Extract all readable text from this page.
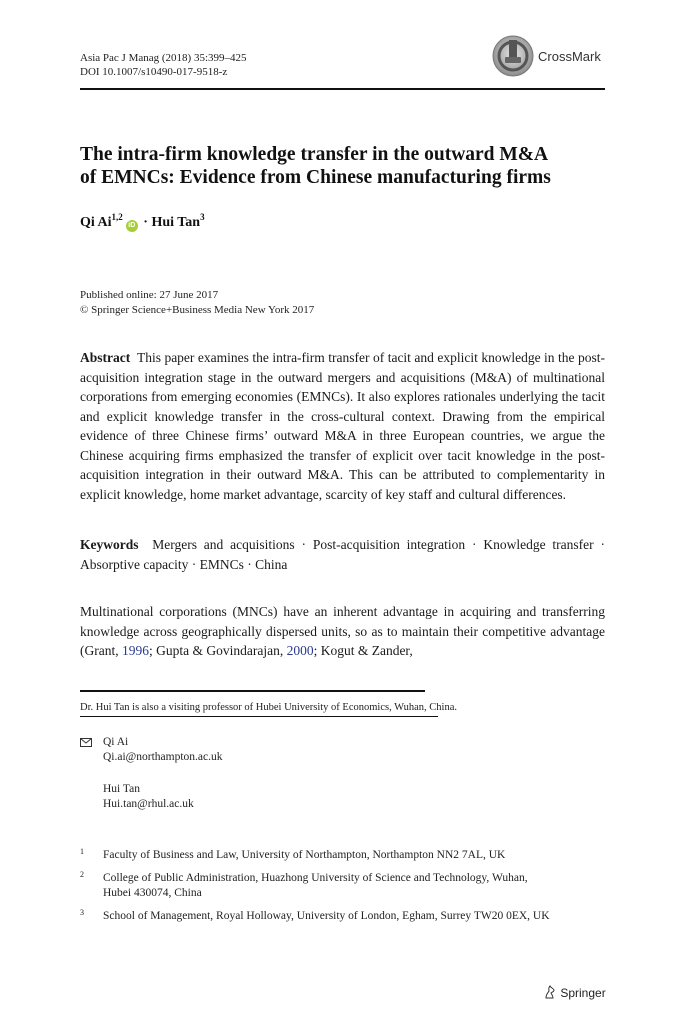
Asia Pac J Manag (2018) 35:399–425
DOI 10.1007/s10490-017-9518-z
CrossMark
The intra-firm knowledge transfer in the outward M&A
of EMNCs: Evidence from Chinese manufacturing firms
Qi Ai$^{1,2}$iD · Hui Tan$^3$
Published online: 27 June 2017
© Springer Science+Business Media New York 2017
Abstract This paper examines the intra-firm transfer of tacit and explicit knowledge in the post-acquisition integration stage in the outward mergers and acquisitions (M&A) of multinational corporations from emerging economies (EMNCs). It also explores rationales underlying the tacit and explicit knowledge transfer in the cross-cultural context. Drawing from the empirical evidence of three Chinese firms’ outward M&A in three European countries, we argue the Chinese acquiring firms emphasized the transfer of explicit over tacit knowledge in the post-acquisition integration in their outward M&A. This can be attributed to complementarity in explicit knowledge, home market advantage, scarcity of key staff and cultural differences.
Keywords Mergers and acquisitions · Post-acquisition integration · Knowledge transfer · Absorptive capacity · EMNCs · China
Multinational corporations (MNCs) have an inherent advantage in acquiring and transferring knowledge across geographically dispersed units, so as to maintain their competitive advantage (Grant, 1996; Gupta & Govindarajan, 2000; Kogut & Zander,
Dr. Hui Tan is also a visiting professor of Hubei University of Economics, Wuhan, China.
Qi Ai
Qi.ai@northampton.ac.uk
Hui Tan
Hui.tan@rhul.ac.uk
1 Faculty of Business and Law, University of Northampton, Northampton NN2 7AL, UK
2 College of Public Administration, Huazhong University of Science and Technology, Wuhan,
Hubei 430074, China
3 School of Management, Royal Holloway, University of London, Egham, Surrey TW20 0EX, UK
Springer
